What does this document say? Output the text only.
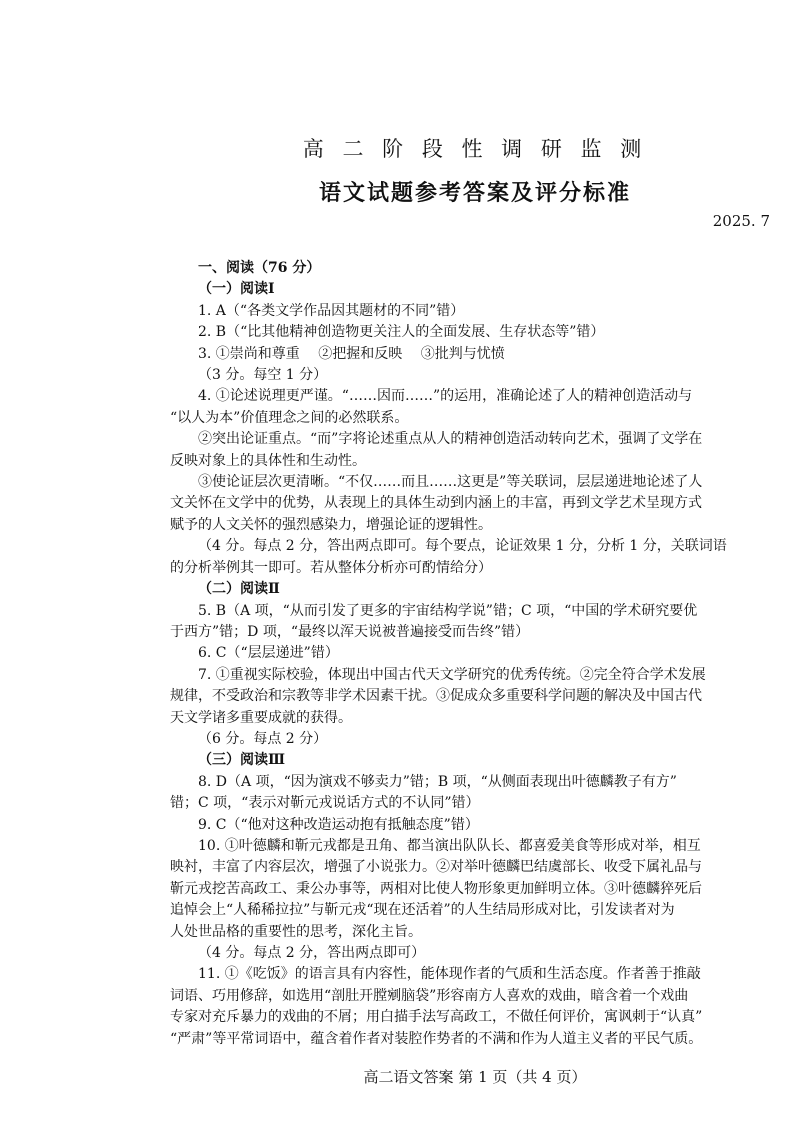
高 二 阶 段 性 调 研 监 测
语文试题参考答案及评分标准
2025. 7
一、阅读（76 分）
（一）阅读Ⅰ
1. A（“各类文学作品因其题材的不同”错）
2. B（“比其他精神创造物更关注人的全面发展、生存状态等”错）
3. ①崇尚和尊重　 ②把握和反映　 ③批判与忧愤
（3 分。每空 1 分）
4. ①论述说理更严谨。“……因而……”的运用，准确论述了人的精神创造活动与
“以人为本”价值理念之间的必然联系。
②突出论证重点。“而”字将论述重点从人的精神创造活动转向艺术，强调了文学在
反映对象上的具体性和生动性。
③使论证层次更清晰。“不仅……而且……这更是”等关联词，层层递进地论述了人
文关怀在文学中的优势，从表现上的具体生动到内涵上的丰富，再到文学艺术呈现方式
赋予的人文关怀的强烈感染力，增强论证的逻辑性。
（4 分。每点 2 分，答出两点即可。每个要点，论证效果 1 分，分析 1 分，关联词语
的分析举例其一即可。若从整体分析亦可酌情给分）
（二）阅读Ⅱ
5. B（A 项，“从而引发了更多的宇宙结构学说”错；C 项，“中国的学术研究要优
于西方”错；D 项，“最终以浑天说被普遍接受而告终”错）
6. C（“层层递进”错）
7. ①重视实际校验，体现出中国古代天文学研究的优秀传统。②完全符合学术发展
规律，不受政治和宗教等非学术因素干扰。③促成众多重要科学问题的解决及中国古代
天文学诸多重要成就的获得。
（6 分。每点 2 分）
（三）阅读Ⅲ
8. D（A 项，“因为演戏不够卖力”错；B 项，“从侧面表现出叶德麟教子有方”
错；C 项，“表示对靳元戎说话方式的不认同”错）
9. C（“他对这种改造运动抱有抵触态度”错）
10. ①叶德麟和靳元戎都是丑角、都当演出队队长、都喜爱美食等形成对举，相互
映衬，丰富了内容层次，增强了小说张力。②对举叶德麟巴结虞部长、收受下属礼品与
靳元戎挖苦高政工、秉公办事等，两相对比使人物形象更加鲜明立体。③叶德麟猝死后
追悼会上“人稀稀拉拉”与靳元戎“现在还活着”的人生结局形成对比，引发读者对为
人处世品格的重要性的思考，深化主旨。
（4 分。每点 2 分，答出两点即可）
11. ①《吃饭》的语言具有内容性，能体现作者的气质和生活态度。作者善于推敲
词语、巧用修辞，如选用“剖肚开膛剜脑袋”形容南方人喜欢的戏曲，暗含着一个戏曲
专家对充斥暴力的戏曲的不屑；用白描手法写高政工，不做任何评价，寓讽刺于“认真”
“严肃”等平常词语中，蕴含着作者对装腔作势者的不满和作为人道主义者的平民气质。
高二语文答案 第 1 页（共 4 页）
